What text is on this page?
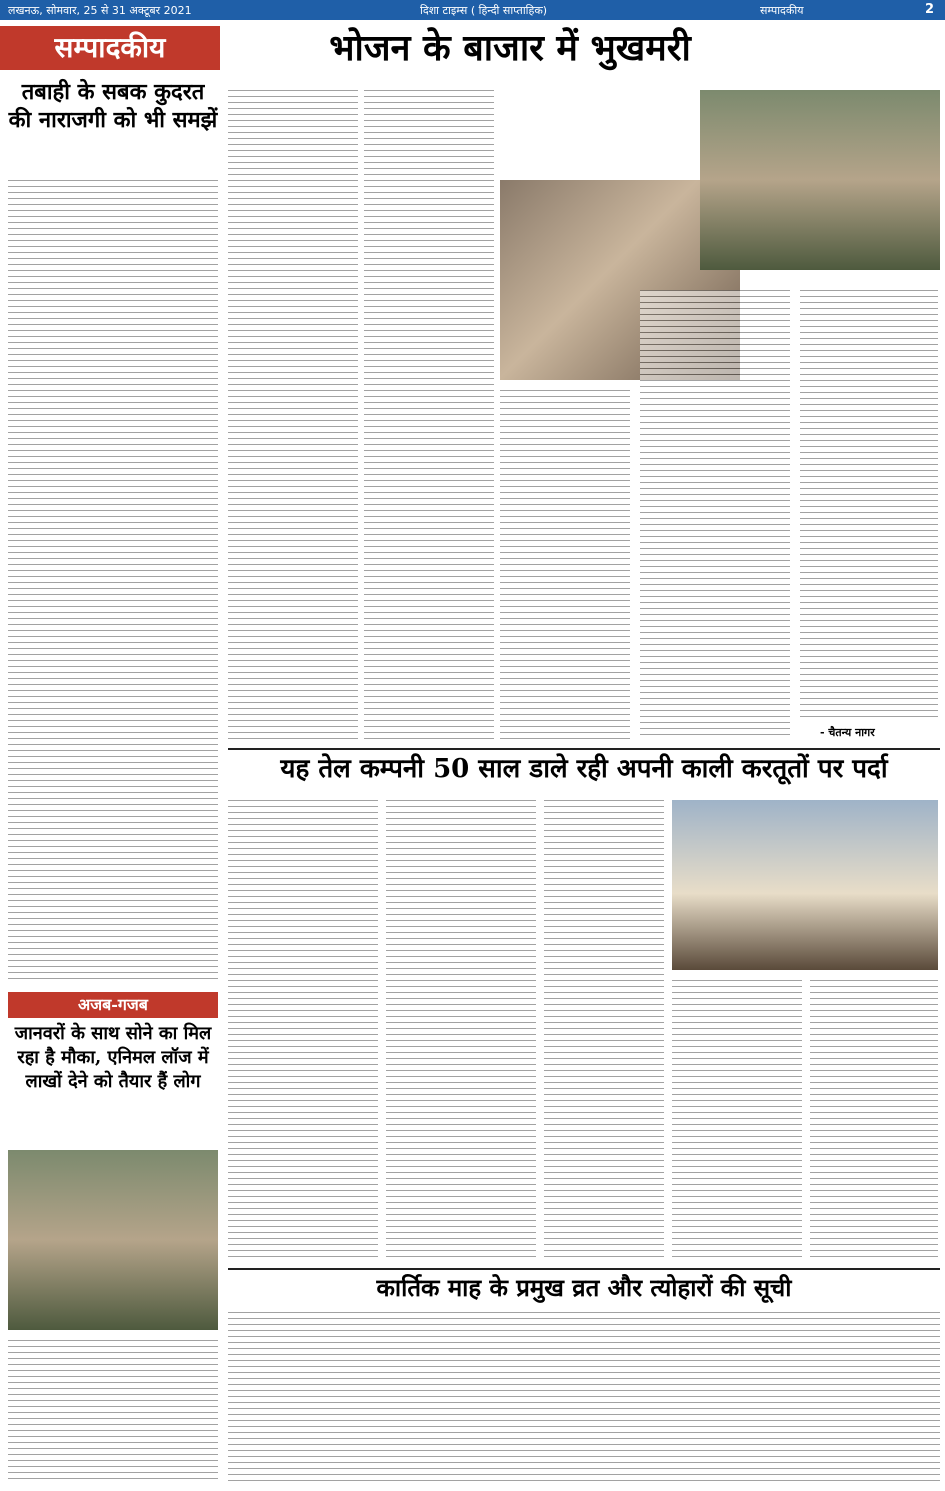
लखनऊ, सोमवार, 25 से 31 अक्टूबर 2021	दिशा टाइम्स ( हिन्दी साप्ताहिक)	सम्पादकीय	2
सम्पादकीय
तबाही के सबक कुदरत की नाराजगी को भी समझें
भोजन के बाजार में भुखमरी
- चैतन्य नागर
यह तेल कम्पनी 50 साल डाले रही अपनी काली करतूतों पर पर्दा
अजब-गजब
जानवरों के साथ सोने का मिल रहा है मौका, एनिमल लॉज में लाखों देने को तैयार हैं लोग
कार्तिक माह के प्रमुख व्रत और त्योहारों की सूची
